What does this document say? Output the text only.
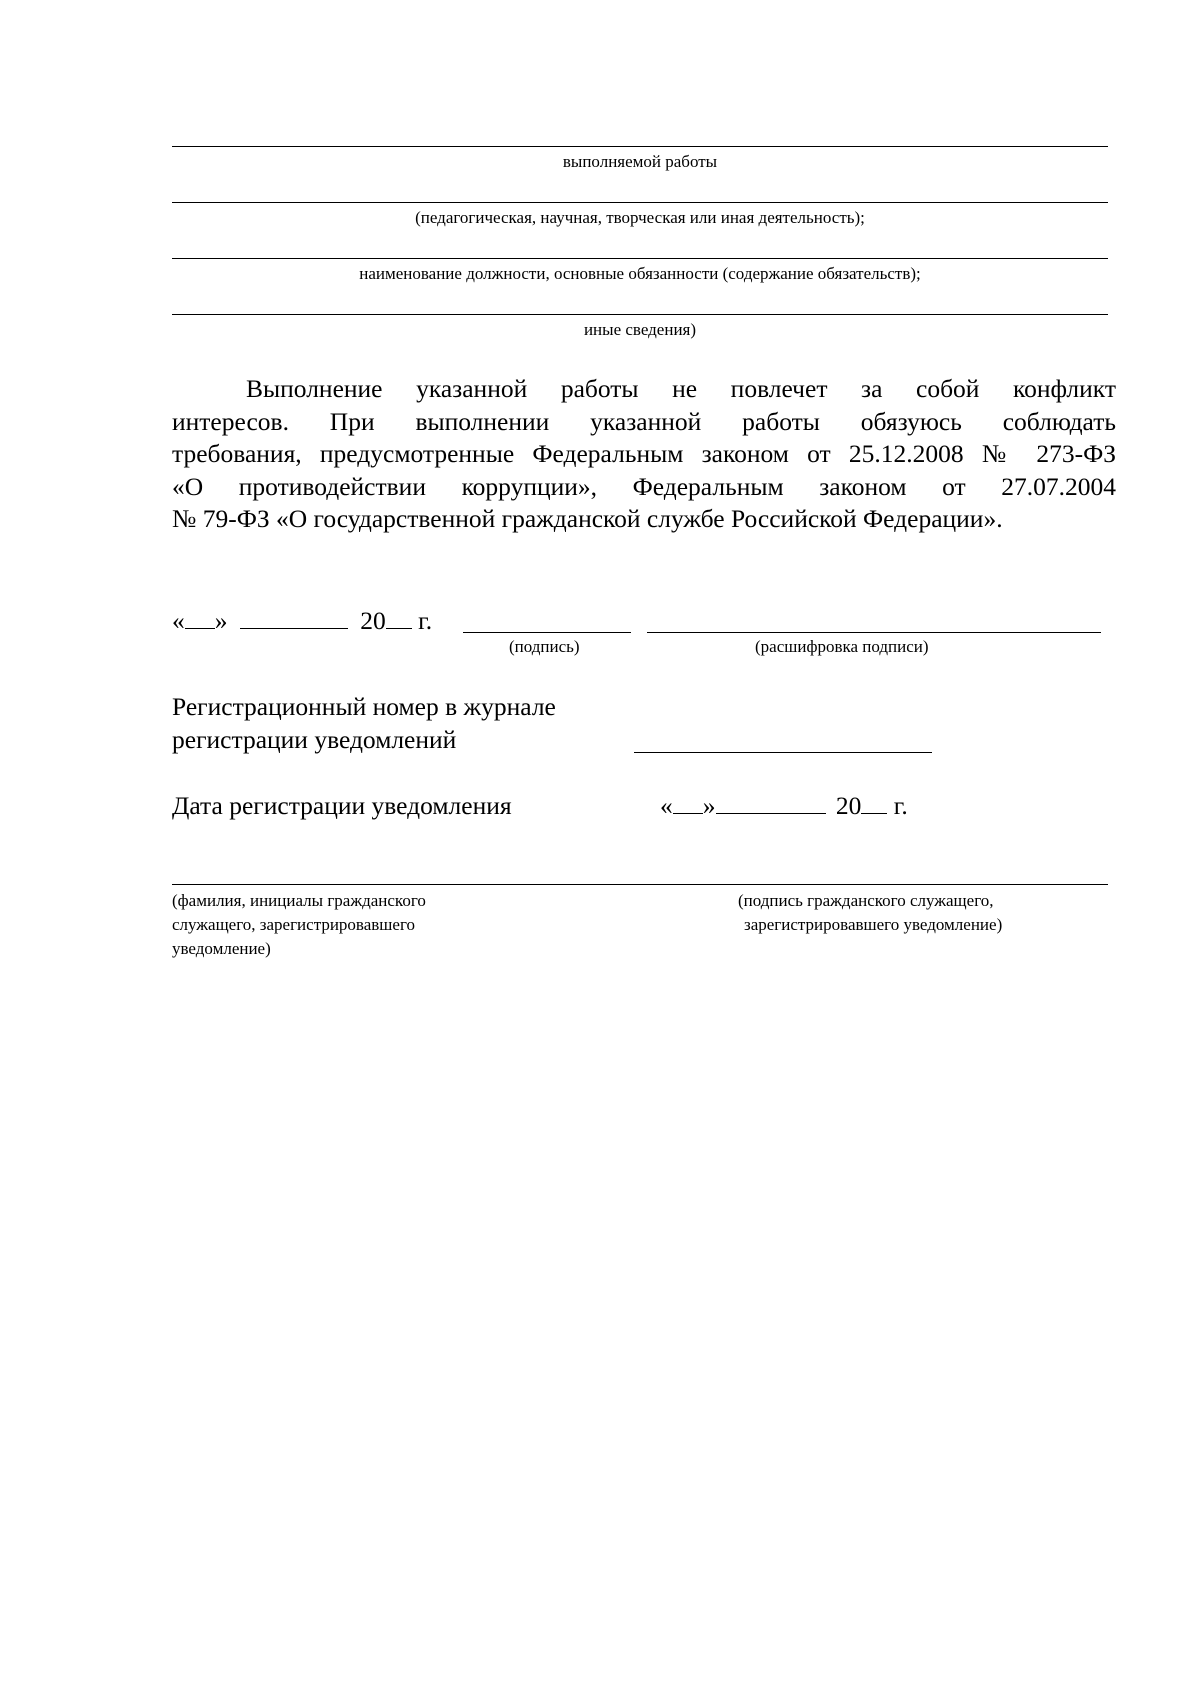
выполняемой работы
(педагогическая, научная, творческая или иная деятельность);
наименование должности, основные обязанности (содержание обязательств);
иные сведения)
Выполнение указанной работы не повлечет за собой конфликт
интересов. При выполнении указанной работы обязуюсь соблюдать
требования, предусмотренные Федеральным законом от 25.12.2008 № 273-ФЗ
«О противодействии коррупции», Федеральным законом от 27.07.2004
№ 79-ФЗ «О государственной гражданской службе Российской Федерации».
« »	20 г.
(подпись)	(расшифровка подписи)
Регистрационный номер в журнале
регистрации уведомлений
Дата регистрации уведомления	« »	20 г.
(фамилия, инициалы гражданского
служащего, зарегистрировавшего
уведомление)
(подпись гражданского служащего,
зарегистрировавшего уведомление)
